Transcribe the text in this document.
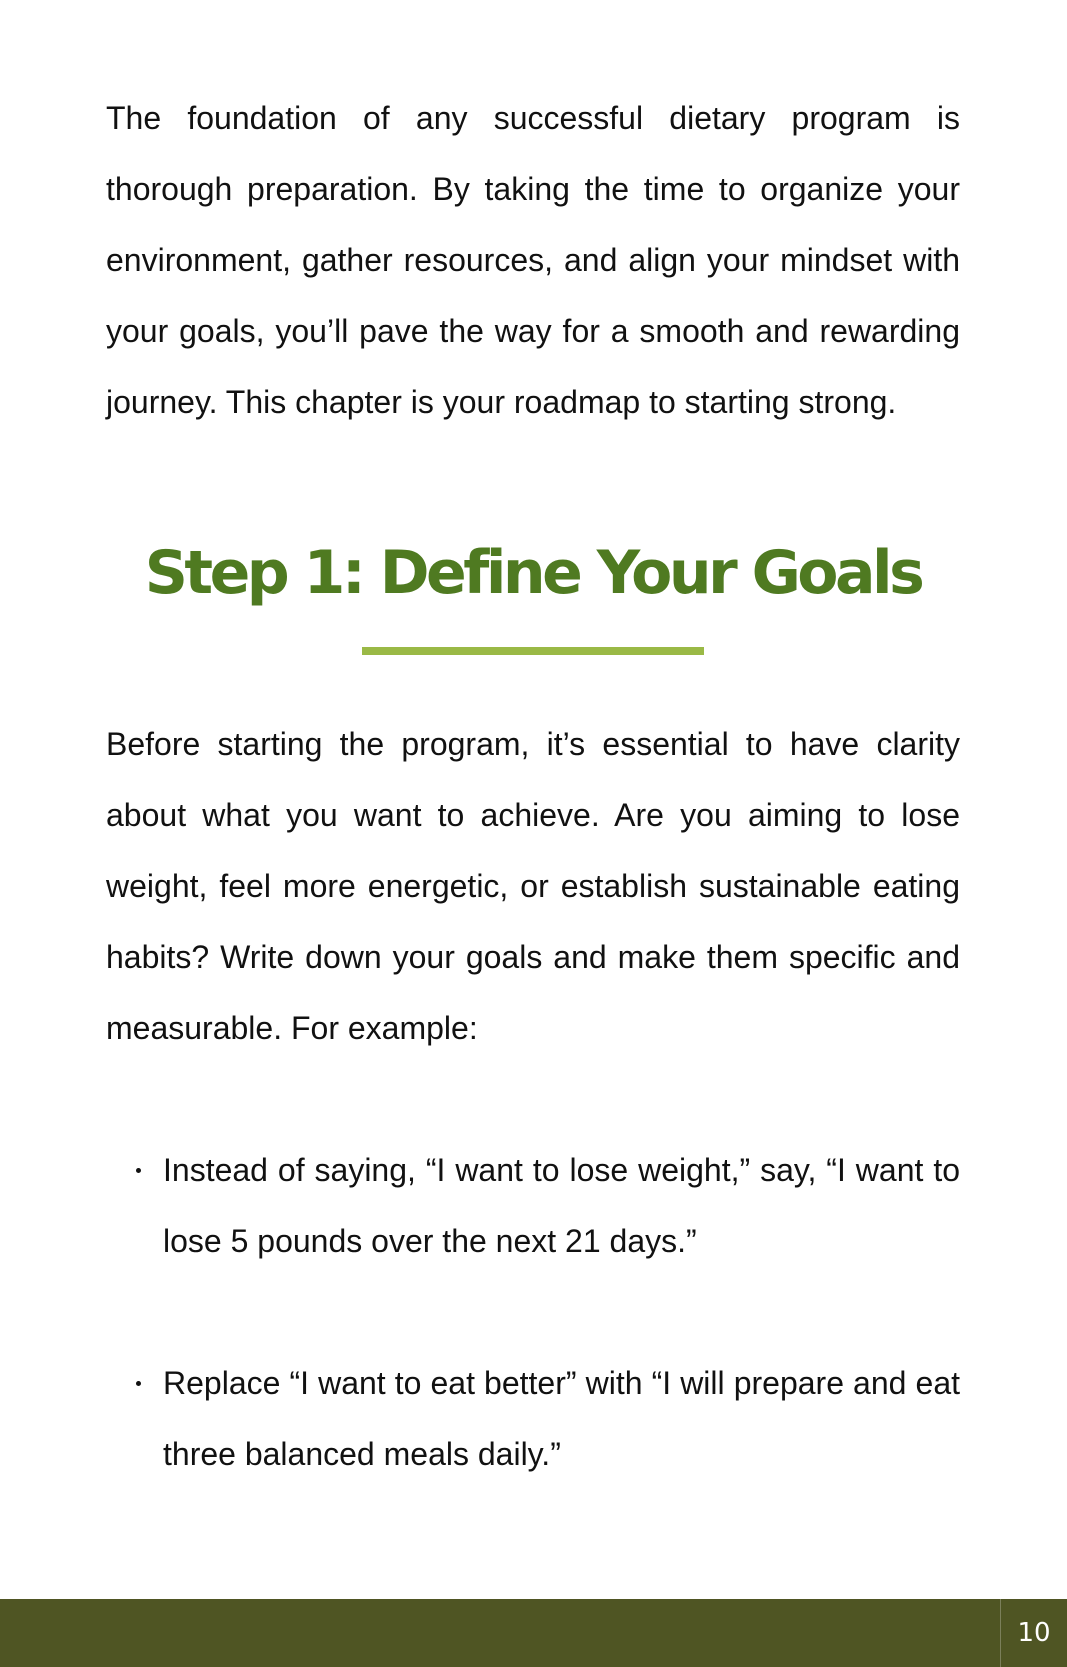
The foundation of any successful dietary program is thorough preparation. By taking the time to organize your environment, gather resources, and align your mindset with your goals, you’ll pave the way for a smooth and rewarding journey. This chapter is your roadmap to starting strong.

Step 1: Define Your Goals

Before starting the program, it’s essential to have clarity about what you want to achieve. Are you aiming to lose weight, feel more energetic, or establish sustainable eating habits? Write down your goals and make them specific and measurable. For example:

Instead of saying, “I want to lose weight,” say, “I want to lose 5 pounds over the next 21 days.”
Replace “I want to eat better” with “I will prepare and eat three balanced meals daily.”
10
